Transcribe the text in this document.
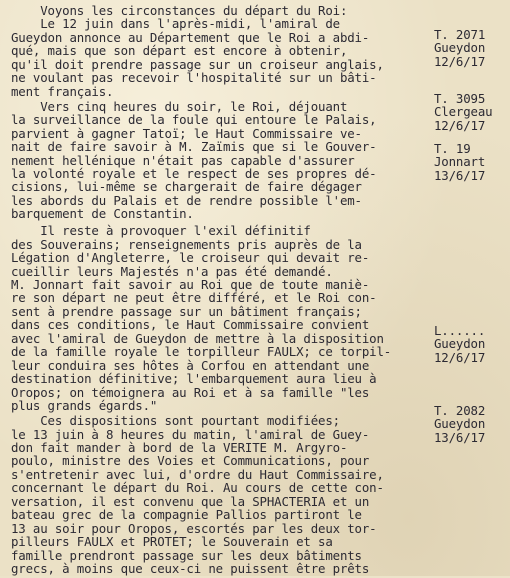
Voyons les circonstances du départ du Roi:
Le 12 juin dans l'après-midi, l'amiral de
Gueydon annonce au Département que le Roi a abdi-
qué, mais que son départ est encore à obtenir,
qu'il doit prendre passage sur un croiseur anglais,
ne voulant pas recevoir l'hospitalité sur un bâti-
ment français.
Vers cinq heures du soir, le Roi, déjouant
la surveillance de la foule qui entoure le Palais,
parvient à gagner Tatoï; le Haut Commissaire ve-
nait de faire savoir à M. Zaïmis que si le Gouver-
nement hellénique n'était pas capable d'assurer
la volonté royale et le respect de ses propres dé-
cisions, lui-même se chargerait de faire dégager
les abords du Palais et de rendre possible l'em-
barquement de Constantin.
Il reste à provoquer l'exil définitif
des Souverains; renseignements pris auprès de la
Légation d'Angleterre, le croiseur qui devait re-
cueillir leurs Majestés n'a pas été demandé.
M. Jonnart fait savoir au Roi que de toute maniè-
re son départ ne peut être différé, et le Roi con-
sent à prendre passage sur un bâtiment français;
dans ces conditions, le Haut Commissaire convient
avec l'amiral de Gueydon de mettre à la disposition
de la famille royale le torpilleur FAULX; ce torpil-
leur conduira ses hôtes à Corfou en attendant une
destination définitive; l'embarquement aura lieu à
Oropos; on témoignera au Roi et à sa famille "les
plus grands égards."
Ces dispositions sont pourtant modifiées;
le 13 juin à 8 heures du matin, l'amiral de Guey-
don fait mander à bord de la VERITE M. Argyro-
poulo, ministre des Voies et Communications, pour
s'entretenir avec lui, d'ordre du Haut Commissaire,
concernant le départ du Roi. Au cours de cette con-
versation, il est convenu que la SPHACTERIA et un
bateau grec de la compagnie Pallios partiront le
13 au soir pour Oropos, escortés par les deux tor-
pilleurs FAULX et PROTET; le Souverain et sa
famille prendront passage sur les deux bâtiments
grecs, à moins que ceux-ci ne puissent être prêts
T. 2071
Gueydon
12/6/17
T. 3095
Clergeau
12/6/17
T. 19
Jonnart
13/6/17
L......
Gueydon
12/6/17
T. 2082
Gueydon
13/6/17
